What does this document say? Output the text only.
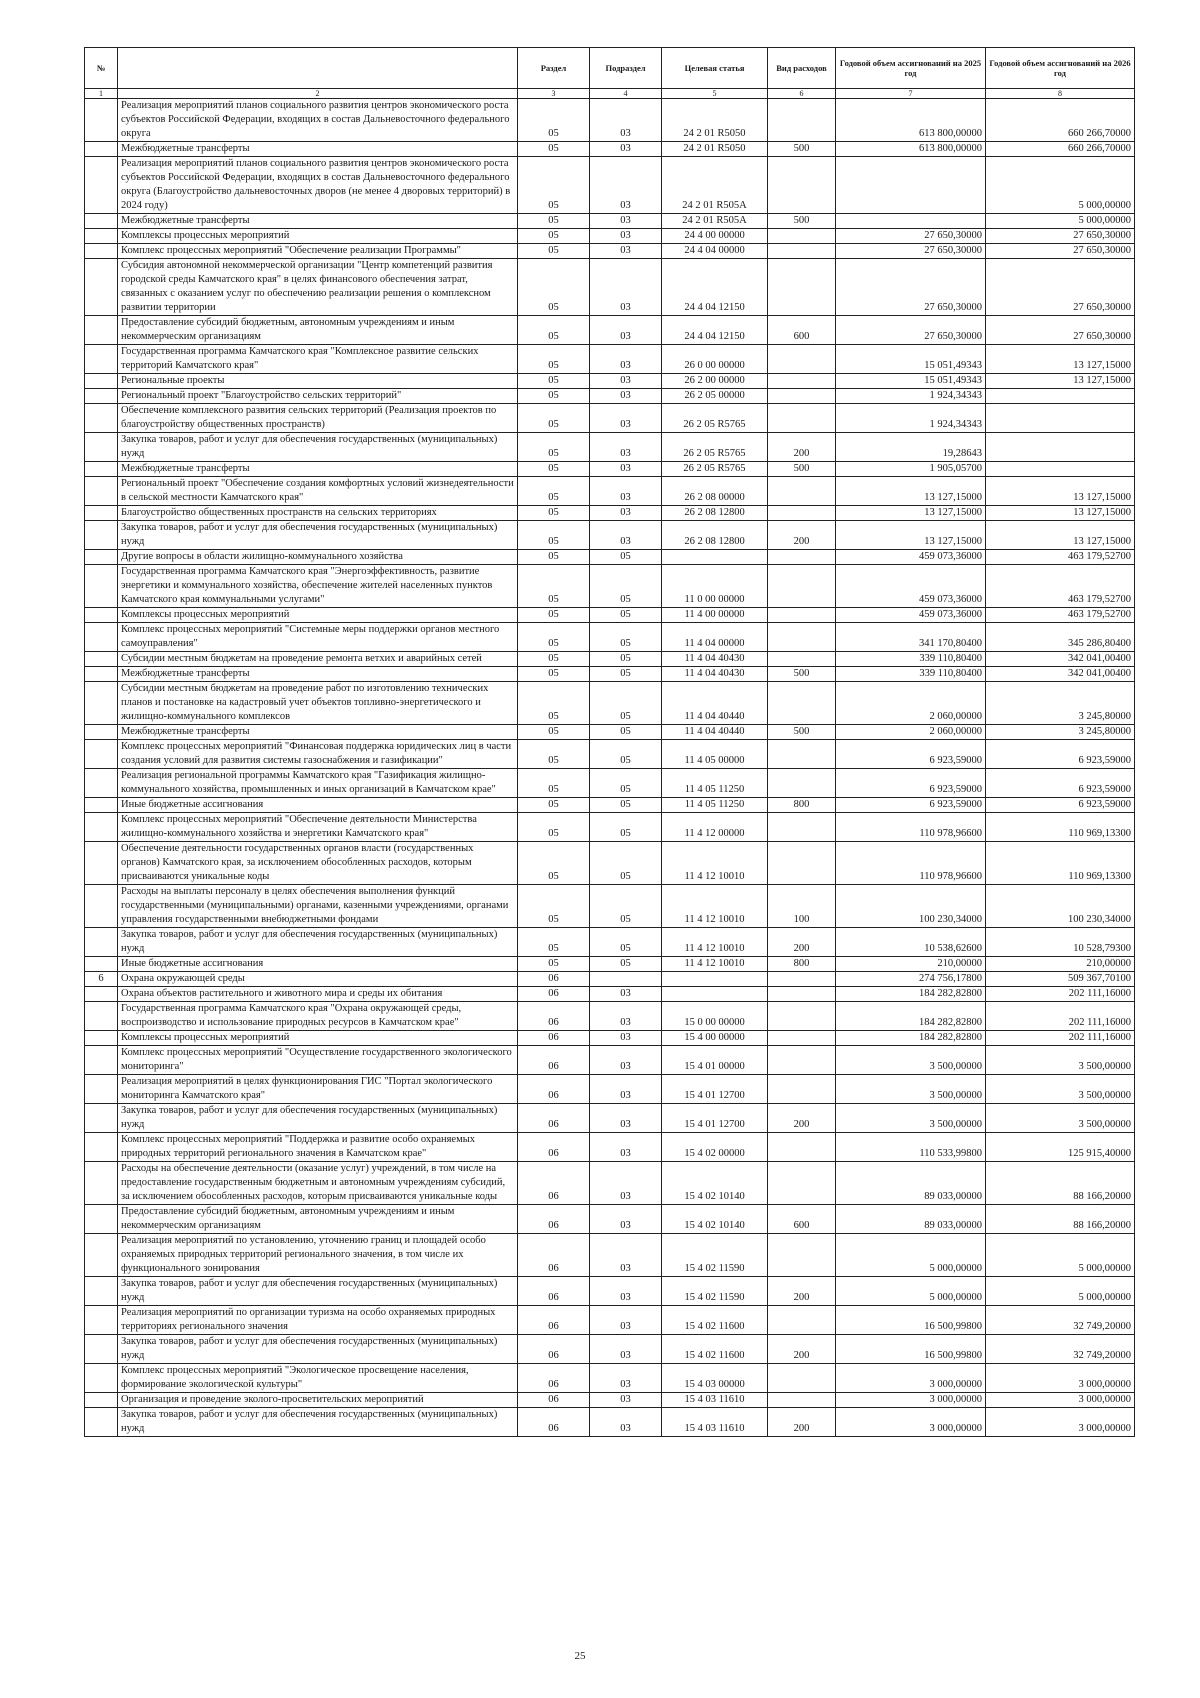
№		Раздел	Подраздел	Целевая статья	Вид расходов	Годовой объем ассигнований на 2025 год	Годовой объем ассигнований на 2026 год
1	2	3	4	5	6	7	8
	Реализация мероприятий планов социального развития центров экономического роста субъектов Российской Федерации, входящих в состав Дальневосточного федерального округа	05	03	24 2 01 R5050		613 800,00000	660 266,70000
	Межбюджетные трансферты	05	03	24 2 01 R5050	500	613 800,00000	660 266,70000
	Реализация мероприятий планов социального развития центров экономического роста субъектов Российской Федерации, входящих в состав Дальневосточного федерального округа (Благоустройство дальневосточных дворов (не менее 4 дворовых территорий) в 2024 году)	05	03	24 2 01 R505A			5 000,00000
	Межбюджетные трансферты	05	03	24 2 01 R505A	500		5 000,00000
	Комплексы процессных мероприятий	05	03	24 4 00 00000		27 650,30000	27 650,30000
	Комплекс процессных мероприятий "Обеспечение реализации Программы"	05	03	24 4 04 00000		27 650,30000	27 650,30000
	Субсидия автономной некоммерческой организации "Центр компетенций развития городской среды Камчатского края" в целях финансового обеспечения затрат, связанных с оказанием услуг по обеспечению реализации решения о комплексном развитии территории	05	03	24 4 04 12150		27 650,30000	27 650,30000
	Предоставление субсидий бюджетным, автономным учреждениям и иным некоммерческим организациям	05	03	24 4 04 12150	600	27 650,30000	27 650,30000
	Государственная программа Камчатского края "Комплексное развитие сельских территорий Камчатского края"	05	03	26 0 00 00000		15 051,49343	13 127,15000
	Региональные проекты	05	03	26 2 00 00000		15 051,49343	13 127,15000
	Региональный проект "Благоустройство сельских территорий"	05	03	26 2 05 00000		1 924,34343	
	Обеспечение комплексного развития сельских территорий (Реализация проектов по благоустройству общественных пространств)	05	03	26 2 05 R5765		1 924,34343	
	Закупка товаров, работ и услуг для обеспечения государственных (муниципальных) нужд	05	03	26 2 05 R5765	200	19,28643	
	Межбюджетные трансферты	05	03	26 2 05 R5765	500	1 905,05700	
	Региональный проект "Обеспечение создания комфортных условий жизнедеятельности в сельской местности Камчатского края"	05	03	26 2 08 00000		13 127,15000	13 127,15000
	Благоустройство общественных пространств на сельских территориях	05	03	26 2 08 12800		13 127,15000	13 127,15000
	Закупка товаров, работ и услуг для обеспечения государственных (муниципальных) нужд	05	03	26 2 08 12800	200	13 127,15000	13 127,15000
	Другие вопросы в области жилищно-коммунального хозяйства	05	05			459 073,36000	463 179,52700
	Государственная программа Камчатского края "Энергоэффективность, развитие энергетики и коммунального хозяйства, обеспечение жителей населенных пунктов Камчатского края коммунальными услугами"	05	05	11 0 00 00000		459 073,36000	463 179,52700
	Комплексы процессных мероприятий	05	05	11 4 00 00000		459 073,36000	463 179,52700
	Комплекс процессных мероприятий "Системные меры поддержки органов местного самоуправления"	05	05	11 4 04 00000		341 170,80400	345 286,80400
	Субсидии местным бюджетам на проведение ремонта ветхих и аварийных сетей	05	05	11 4 04 40430		339 110,80400	342 041,00400
	Межбюджетные трансферты	05	05	11 4 04 40430	500	339 110,80400	342 041,00400
	Субсидии местным бюджетам на проведение работ по изготовлению технических планов и постановке на кадастровый учет объектов топливно-энергетического и жилищно-коммунального комплексов	05	05	11 4 04 40440		2 060,00000	3 245,80000
	Межбюджетные трансферты	05	05	11 4 04 40440	500	2 060,00000	3 245,80000
	Комплекс процессных мероприятий "Финансовая поддержка юридических лиц в части создания условий для развития системы газоснабжения и газификации"	05	05	11 4 05 00000		6 923,59000	6 923,59000
	Реализация региональной программы Камчатского края "Газификация жилищно-коммунального хозяйства, промышленных и иных организаций в Камчатском крае"	05	05	11 4 05 11250		6 923,59000	6 923,59000
	Иные бюджетные ассигнования	05	05	11 4 05 11250	800	6 923,59000	6 923,59000
	Комплекс процессных мероприятий "Обеспечение деятельности Министерства жилищно-коммунального хозяйства и энергетики Камчатского края"	05	05	11 4 12 00000		110 978,96600	110 969,13300
	Обеспечение деятельности государственных органов власти (государственных органов) Камчатского края, за исключением обособленных расходов, которым присваиваются уникальные коды	05	05	11 4 12 10010		110 978,96600	110 969,13300
	Расходы на выплаты персоналу в целях обеспечения выполнения функций государственными (муниципальными) органами, казенными учреждениями, органами управления государственными внебюджетными фондами	05	05	11 4 12 10010	100	100 230,34000	100 230,34000
	Закупка товаров, работ и услуг для обеспечения государственных (муниципальных) нужд	05	05	11 4 12 10010	200	10 538,62600	10 528,79300
	Иные бюджетные ассигнования	05	05	11 4 12 10010	800	210,00000	210,00000
6	Охрана окружающей среды	06				274 756,17800	509 367,70100
	Охрана объектов растительного и животного мира и среды их обитания	06	03			184 282,82800	202 111,16000
	Государственная программа Камчатского края "Охрана окружающей среды, воспроизводство и использование природных ресурсов в Камчатском крае"	06	03	15 0 00 00000		184 282,82800	202 111,16000
	Комплексы процессных мероприятий	06	03	15 4 00 00000		184 282,82800	202 111,16000
	Комплекс процессных мероприятий "Осуществление государственного экологического мониторинга"	06	03	15 4 01 00000		3 500,00000	3 500,00000
	Реализация мероприятий в целях функционирования ГИС "Портал экологического мониторинга Камчатского края"	06	03	15 4 01 12700		3 500,00000	3 500,00000
	Закупка товаров, работ и услуг для обеспечения государственных (муниципальных) нужд	06	03	15 4 01 12700	200	3 500,00000	3 500,00000
	Комплекс процессных мероприятий "Поддержка и развитие особо охраняемых природных территорий регионального значения в Камчатском крае"	06	03	15 4 02 00000		110 533,99800	125 915,40000
	Расходы на обеспечение деятельности (оказание услуг) учреждений, в том числе на предоставление государственным бюджетным и автономным учреждениям субсидий, за исключением обособленных расходов, которым присваиваются уникальные коды	06	03	15 4 02 10140		89 033,00000	88 166,20000
	Предоставление субсидий бюджетным, автономным учреждениям и иным некоммерческим организациям	06	03	15 4 02 10140	600	89 033,00000	88 166,20000
	Реализация мероприятий по установлению, уточнению границ и площадей особо охраняемых природных территорий регионального значения, в том числе их функционального зонирования	06	03	15 4 02 11590		5 000,00000	5 000,00000
	Закупка товаров, работ и услуг для обеспечения государственных (муниципальных) нужд	06	03	15 4 02 11590	200	5 000,00000	5 000,00000
	Реализация мероприятий по организации туризма на особо охраняемых природных территориях регионального значения	06	03	15 4 02 11600		16 500,99800	32 749,20000
	Закупка товаров, работ и услуг для обеспечения государственных (муниципальных) нужд	06	03	15 4 02 11600	200	16 500,99800	32 749,20000
	Комплекс процессных мероприятий "Экологическое просвещение населения, формирование экологической культуры"	06	03	15 4 03 00000		3 000,00000	3 000,00000
	Организация и проведение эколого-просветительских мероприятий	06	03	15 4 03 11610		3 000,00000	3 000,00000
	Закупка товаров, работ и услуг для обеспечения государственных (муниципальных) нужд	06	03	15 4 03 11610	200	3 000,00000	3 000,00000
25
